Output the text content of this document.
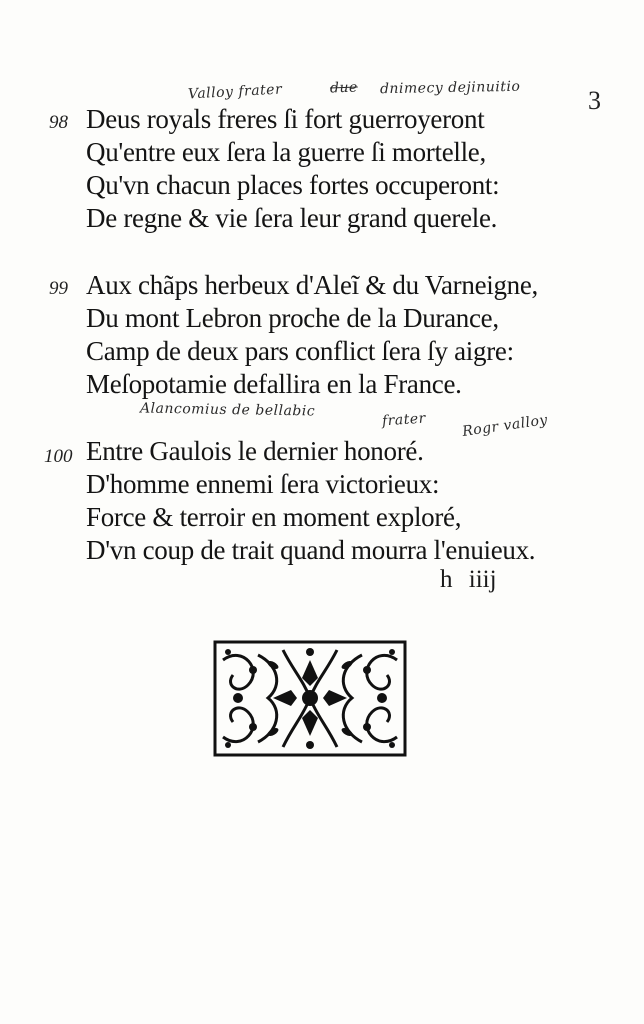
Valloy frater	due dnimecy dejinuitio	3
98 Deus royals freres ſi fort guerroyeront
Qu'entre eux ſera la guerre ſi mortelle,
Qu'vn chacun places fortes occuperont:
De regne & vie ſera leur grand querele.
99 Aux chãps herbeux d'Aleĩ & du Varneigne,
Du mont Lebron proche de la Durance,
Camp de deux pars conflict ſera ſy aigre:
Meſopotamie defallira en la France.
Alancomius de bellabic
frater Rogr valloy
100 Entre Gaulois le dernier honoré.
D'homme ennemi ſera victorieux:
Force & terroir en moment exploré,
D'vn coup de trait quand mourra l'enuieux.
h iiij
